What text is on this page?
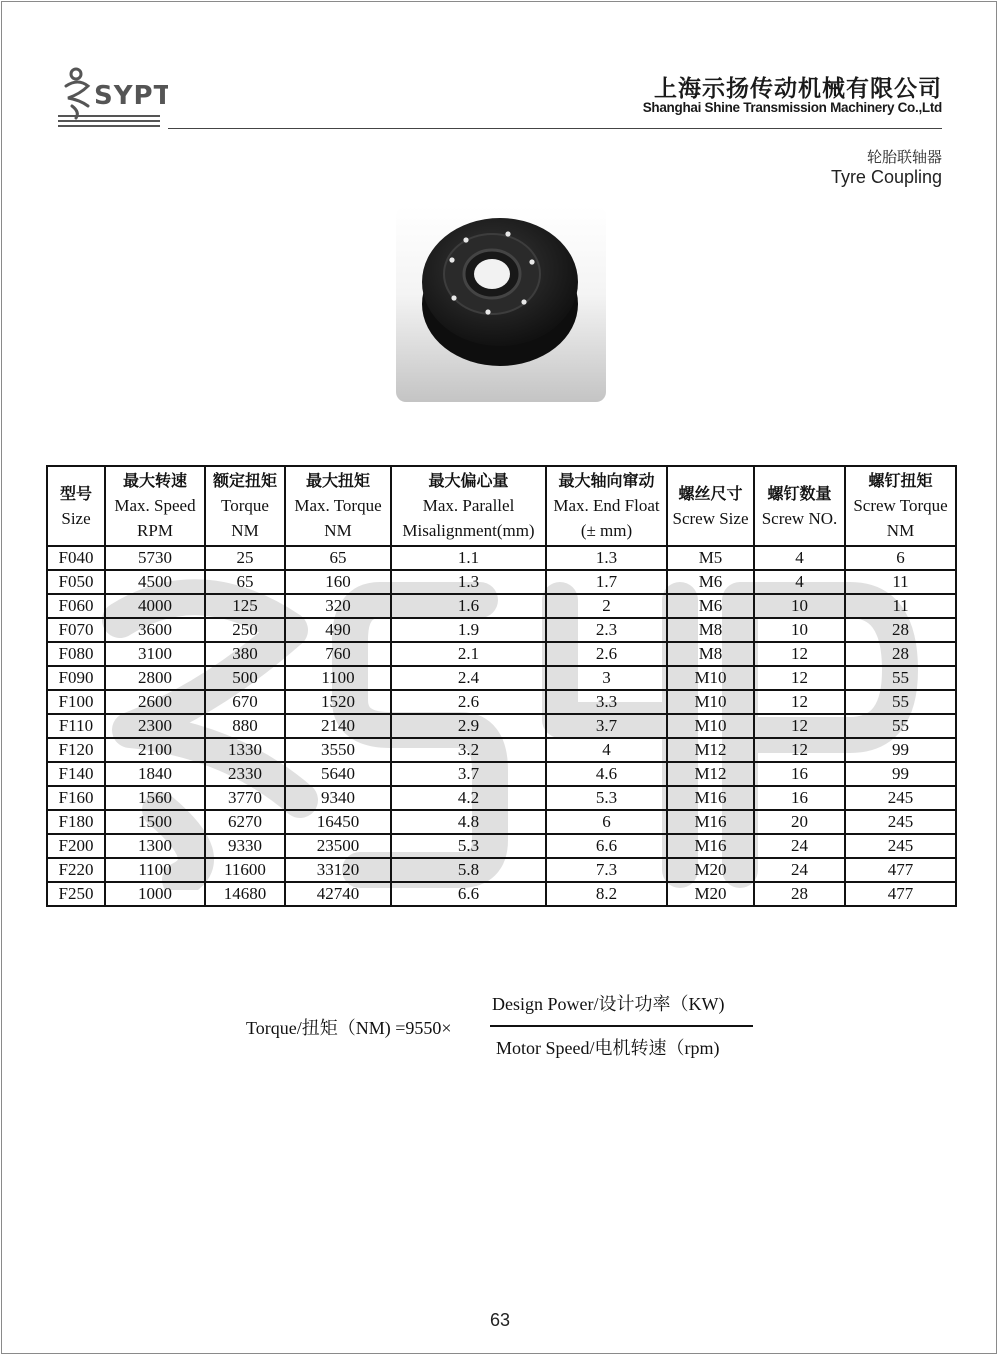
SYPT	上海示扬传动机械有限公司
Shanghai Shine Transmission Machinery Co.,Ltd
轮胎联轴器
Tyre Coupling
型号
Size	最大转速
Max. Speed
RPM	额定扭矩
Torque
NM	最大扭矩
Max. Torque
NM	最大偏心量
Max. Parallel
Misalignment(mm)	最大轴向窜动
Max. End Float
(± mm)	螺丝尺寸
Screw Size	螺钉数量
Screw NO.	螺钉扭矩
Screw Torque
NM

F040	5730	25	65	1.1	1.3	M5	4	6
F050	4500	65	160	1.3	1.7	M6	4	11
F060	4000	125	320	1.6	2	M6	10	11
F070	3600	250	490	1.9	2.3	M8	10	28
F080	3100	380	760	2.1	2.6	M8	12	28
F090	2800	500	1100	2.4	3	M10	12	55
F100	2600	670	1520	2.6	3.3	M10	12	55
F110	2300	880	2140	2.9	3.7	M10	12	55
F120	2100	1330	3550	3.2	4	M12	12	99
F140	1840	2330	5640	3.7	4.6	M12	16	99
F160	1560	3770	9340	4.2	5.3	M16	16	245
F180	1500	6270	16450	4.8	6	M16	20	245
F200	1300	9330	23500	5.3	6.6	M16	24	245
F220	1100	11600	33120	5.8	7.3	M20	24	477
F250	1000	14680	42740	6.6	8.2	M20	28	477
Torque/扭矩（NM) =9550×
Design Power/设计功率（KW)
Motor Speed/电机转速（rpm)
63
